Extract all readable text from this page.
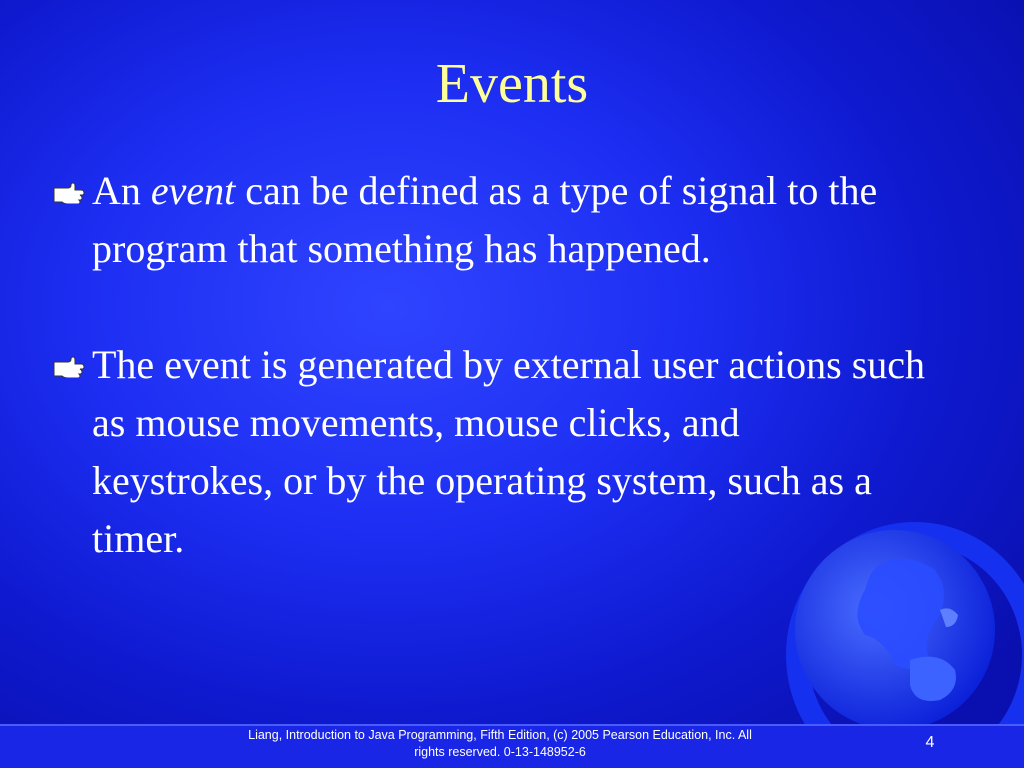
Events
An event can be defined as a type of signal to the program that something has happened.
The event is generated by external user actions such as mouse movements, mouse clicks, and keystrokes, or by the operating system, such as a timer.
Liang, Introduction to Java Programming, Fifth Edition, (c) 2005 Pearson Education, Inc. All
rights reserved. 0-13-148952-6
4
